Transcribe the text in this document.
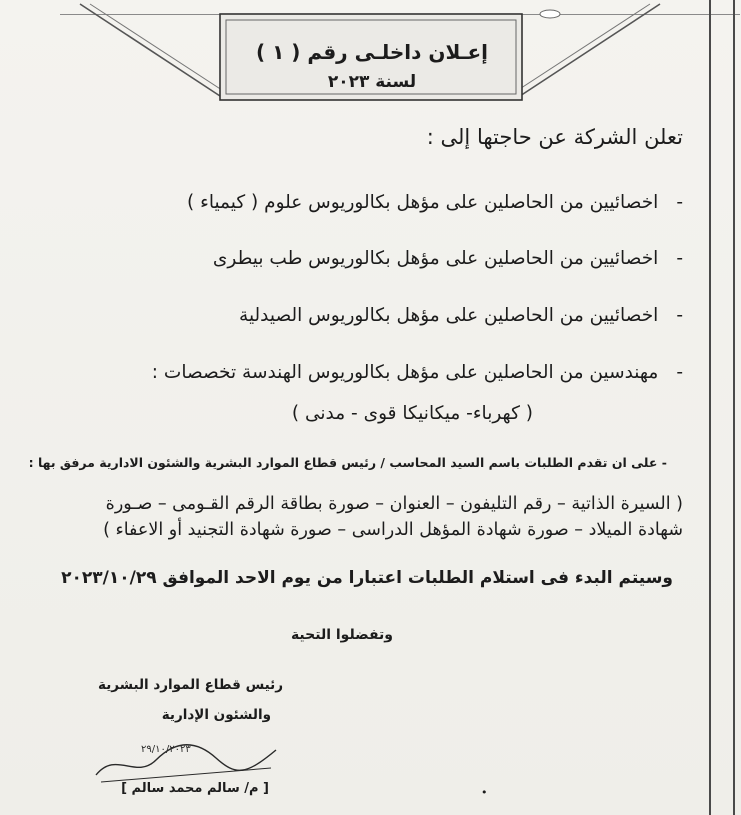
إعـلان داخلـى رقم ( ١ )
لسنة ٢٠٢٣
تعلن الشركة عن حاجتها إلى :
-اخصائيين من الحاصلين على مؤهل بكالوريوس علوم ( كيمياء )
-اخصائيين من الحاصلين على مؤهل بكالوريوس طب بيطرى
-اخصائيين من الحاصلين على مؤهل بكالوريوس الصيدلية
-مهندسين من الحاصلين على مؤهل بكالوريوس الهندسة تخصصات :
( كهرباء- ميكانيكا قوى - مدنى )
- على ان تقدم الطلبات باسم السيد المحاسب / رئيس قطاع الموارد البشرية والشئون الادارية مرفق بها :
( السيرة الذاتية – رقم التليفون – العنوان – صورة بطاقة الرقم القـومى – صـورة شهادة الميلاد – صورة شهادة المؤهل الدراسى – صورة شهادة التجنيد أو الاعفاء )
وسيتم البدء فى استلام الطلبات اعتبارا من يوم الاحد الموافق ٢٠٢٣/١٠/٢٩
وتفضلوا التحية
رئيس قطاع الموارد البشرية
والشئون الإدارية
٢٩/١٠/٢٠٢٣
[ م/ سالم محمد سالم ]	•
